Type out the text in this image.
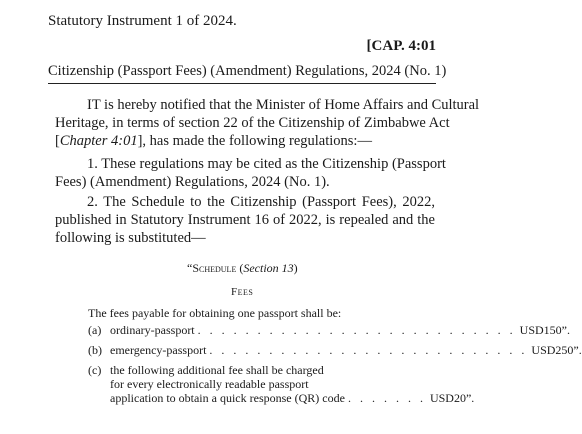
Statutory Instrument 1 of 2024.
[CAP. 4:01
Citizenship (Passport Fees) (Amendment) Regulations, 2024 (No. 1)
IT is hereby notified that the Minister of Home Affairs and Cultural
Heritage, in terms of section 22 of the Citizenship of Zimbabwe Act
[Chapter 4:01], has made the following regulations:—
1. These regulations may be cited as the Citizenship (Passport
Fees) (Amendment) Regulations, 2024 (No. 1).
2. The Schedule to the Citizenship (Passport Fees), 2022,
published in Statutory Instrument 16 of 2022, is repealed and the
following is substituted—
“Schedule (Section 13)
Fees
The fees payable for obtaining one passport shall be:
(a) ordinary-passport . . . . . . . . . . . . . . . . . . . . . . . . . . . USD150”.
(b) emergency-passport . . . . . . . . . . . . . . . . . . . . . . . . . . . USD250”.
(c) the following additional fee shall be charged
for every electronically readable passport
application to obtain a quick response (QR) code . . . . . . . USD20”.
